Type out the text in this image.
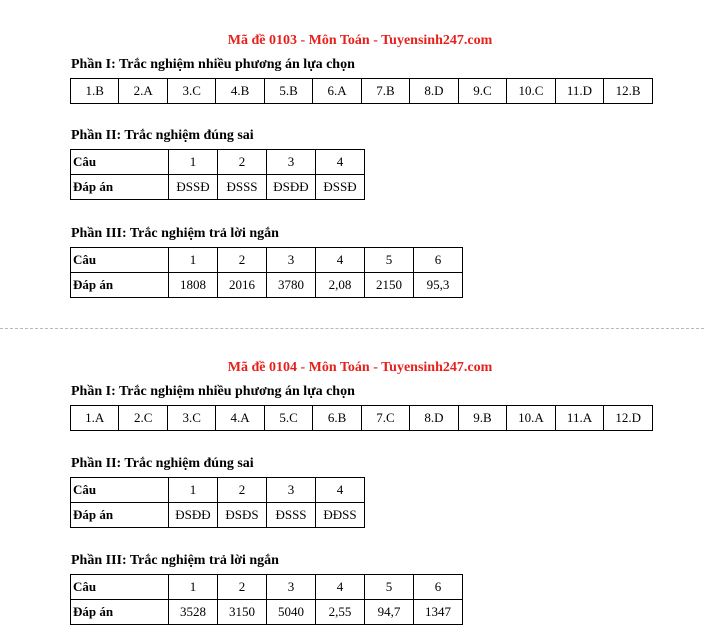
Mã đề 0103 - Môn Toán - Tuyensinh247.com
Phần I: Trắc nghiệm nhiều phương án lựa chọn
1.B	2.A	3.C	4.B	5.B	6.A	7.B	8.D	9.C	10.C	11.D	12.B
Phần II: Trắc nghiệm đúng sai
Câu	1	2	3	4
Đáp án	ĐSSĐ	ĐSSS	ĐSĐĐ	ĐSSĐ
Phần III: Trắc nghiệm trả lời ngắn
Câu	1	2	3	4	5	6
Đáp án	1808	2016	3780	2,08	2150	95,3
Mã đề 0104 - Môn Toán - Tuyensinh247.com
Phần I: Trắc nghiệm nhiều phương án lựa chọn
1.A	2.C	3.C	4.A	5.C	6.B	7.C	8.D	9.B	10.A	11.A	12.D
Phần II: Trắc nghiệm đúng sai
Câu	1	2	3	4
Đáp án	ĐSĐĐ	ĐSĐS	ĐSSS	ĐĐSS
Phần III: Trắc nghiệm trả lời ngắn
Câu	1	2	3	4	5	6
Đáp án	3528	3150	5040	2,55	94,7	1347
